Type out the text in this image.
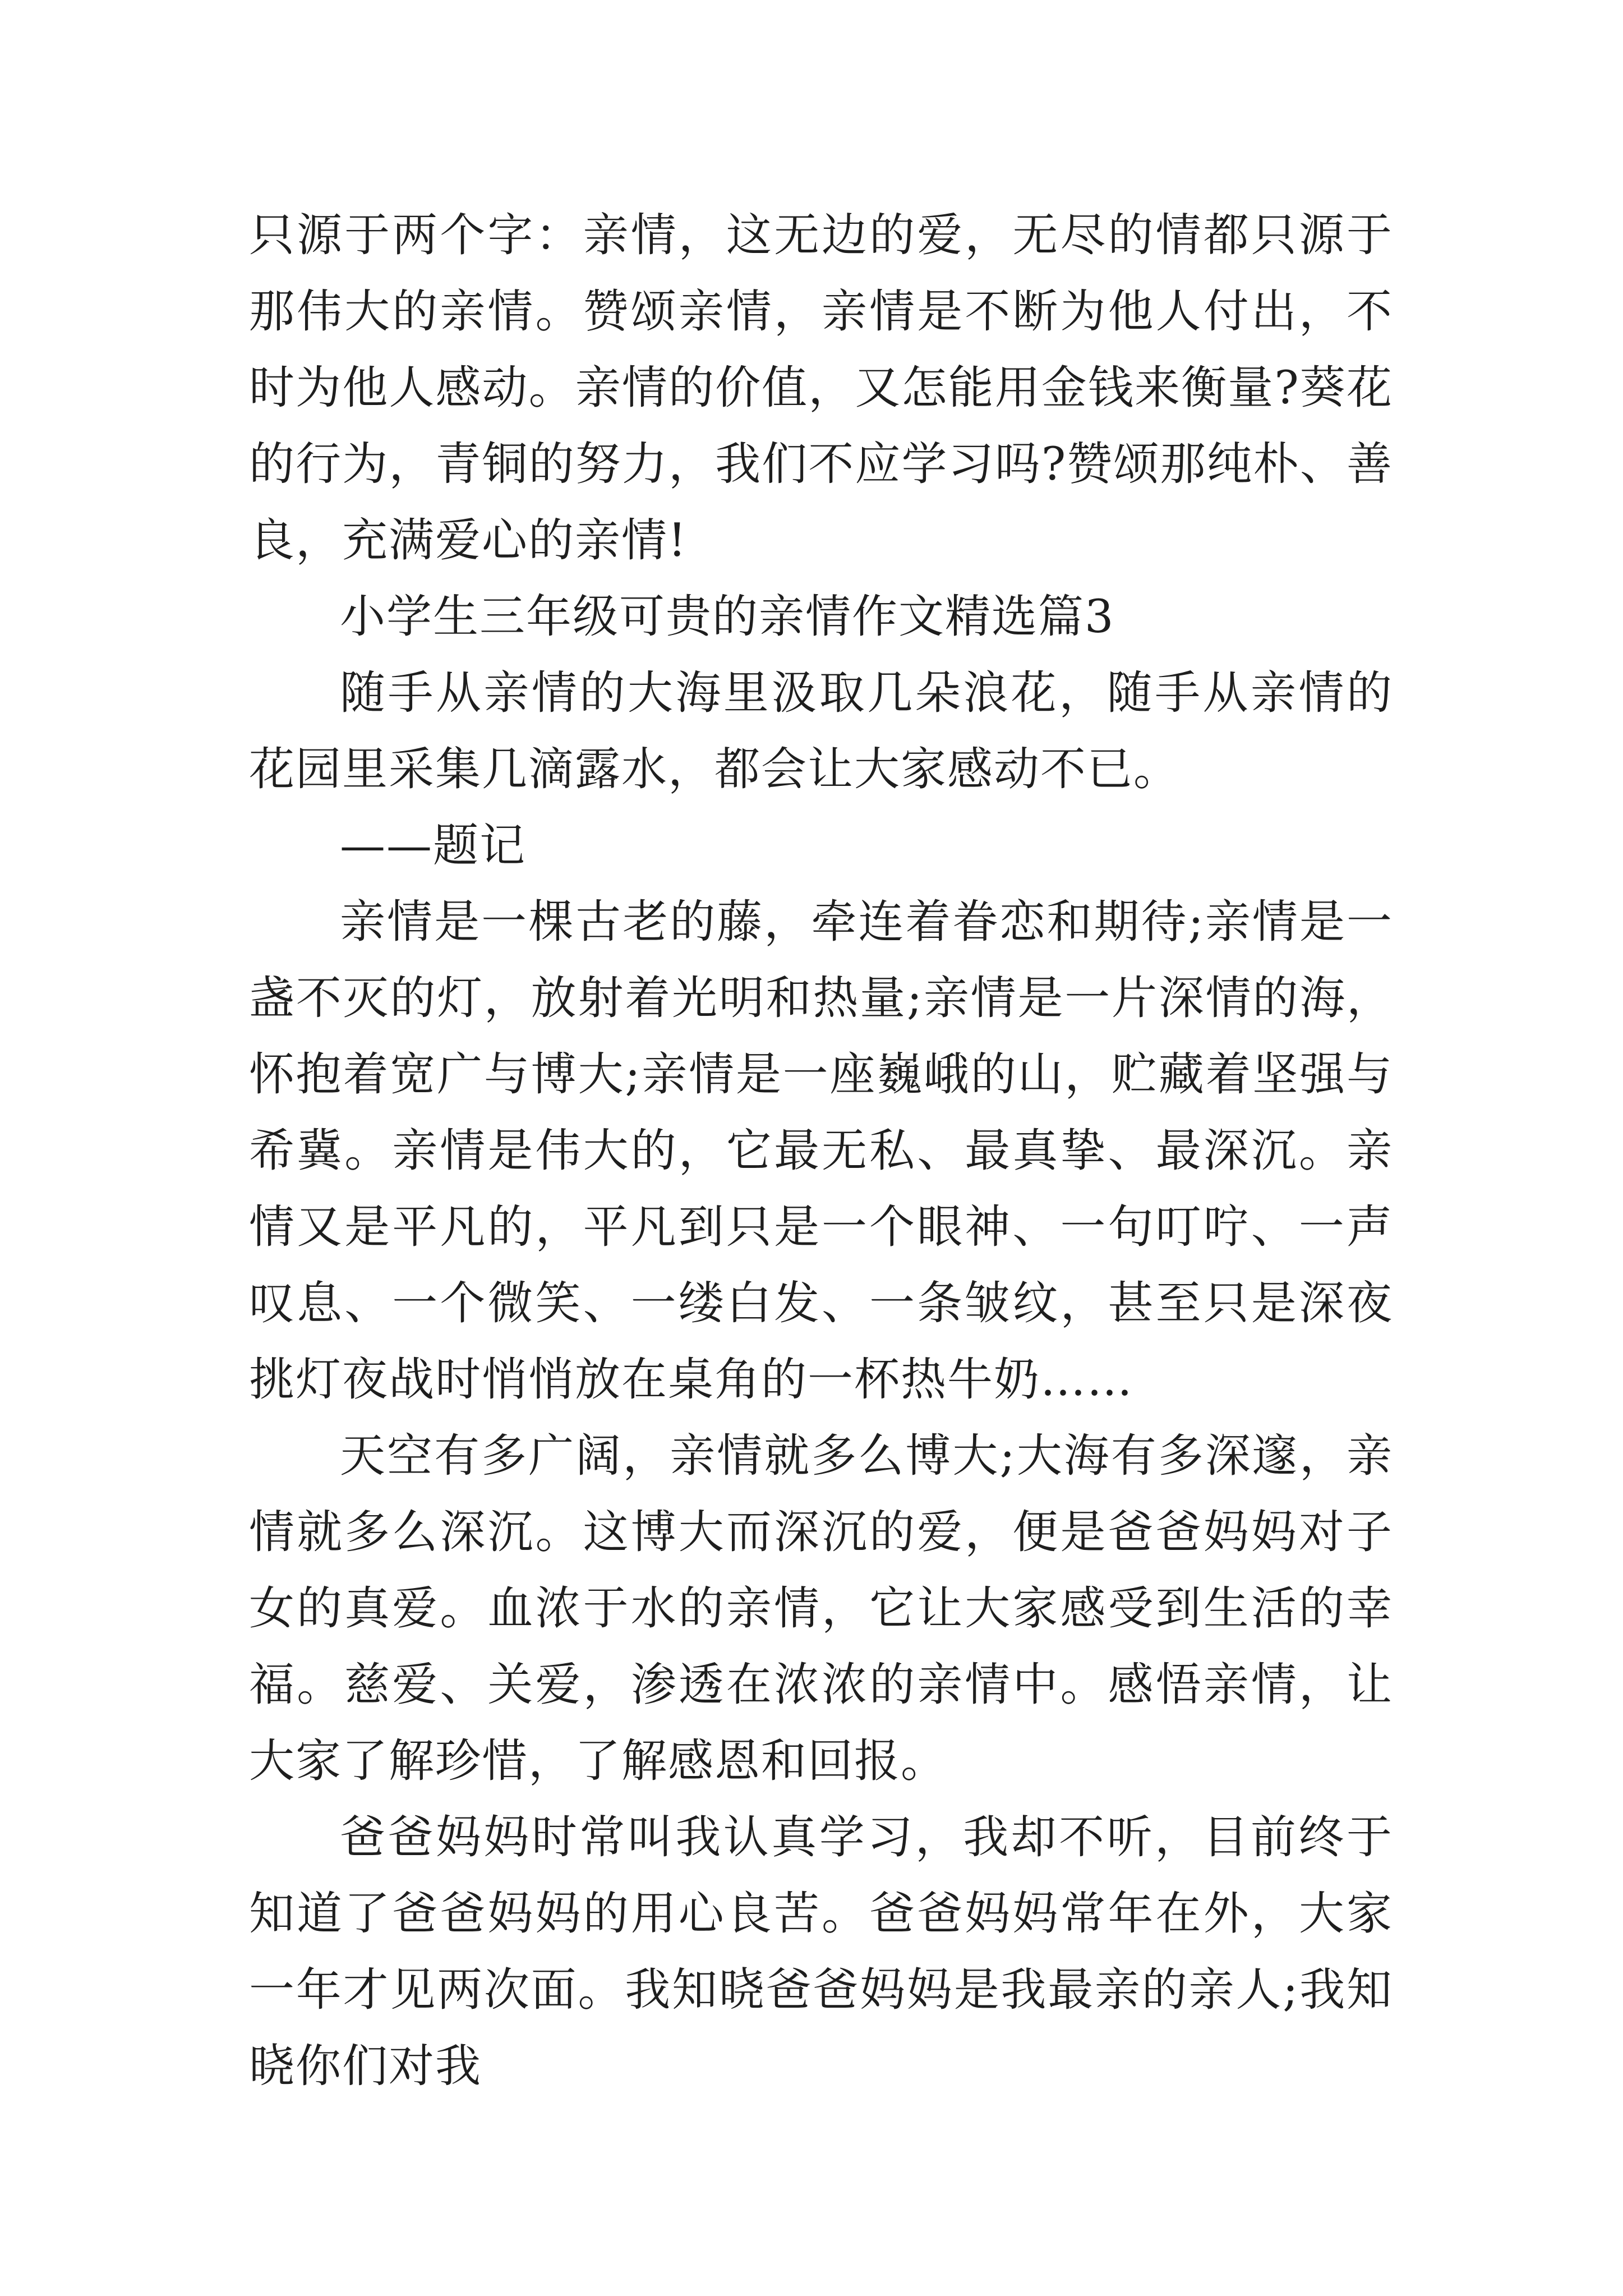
只源于两个字：亲情，这无边的爱，无尽的情都只源于那伟大的亲情。赞颂亲情，亲情是不断为他人付出，不时为他人感动。亲情的价值，又怎能用金钱来衡量?葵花的行为，青铜的努力，我们不应学习吗?赞颂那纯朴、善良，充满爱心的亲情!

小学生三年级可贵的亲情作文精选篇3

随手从亲情的大海里汲取几朵浪花，随手从亲情的花园里采集几滴露水，都会让大家感动不已。

——题记

亲情是一棵古老的藤，牵连着眷恋和期待;亲情是一盏不灭的灯，放射着光明和热量;亲情是一片深情的海，怀抱着宽广与博大;亲情是一座巍峨的山，贮藏着坚强与希冀。亲情是伟大的，它最无私、最真挚、最深沉。亲情又是平凡的，平凡到只是一个眼神、一句叮咛、一声叹息、一个微笑、一缕白发、一条皱纹，甚至只是深夜挑灯夜战时悄悄放在桌角的一杯热牛奶……

天空有多广阔，亲情就多么博大;大海有多深邃，亲情就多么深沉。这博大而深沉的爱，便是爸爸妈妈对子女的真爱。血浓于水的亲情，它让大家感受到生活的幸福。慈爱、关爱，渗透在浓浓的亲情中。感悟亲情，让大家了解珍惜，了解感恩和回报。

爸爸妈妈时常叫我认真学习，我却不听，目前终于知道了爸爸妈妈的用心良苦。爸爸妈妈常年在外，大家一年才见两次面。我知晓爸爸妈妈是我最亲的亲人;我知晓你们对我
